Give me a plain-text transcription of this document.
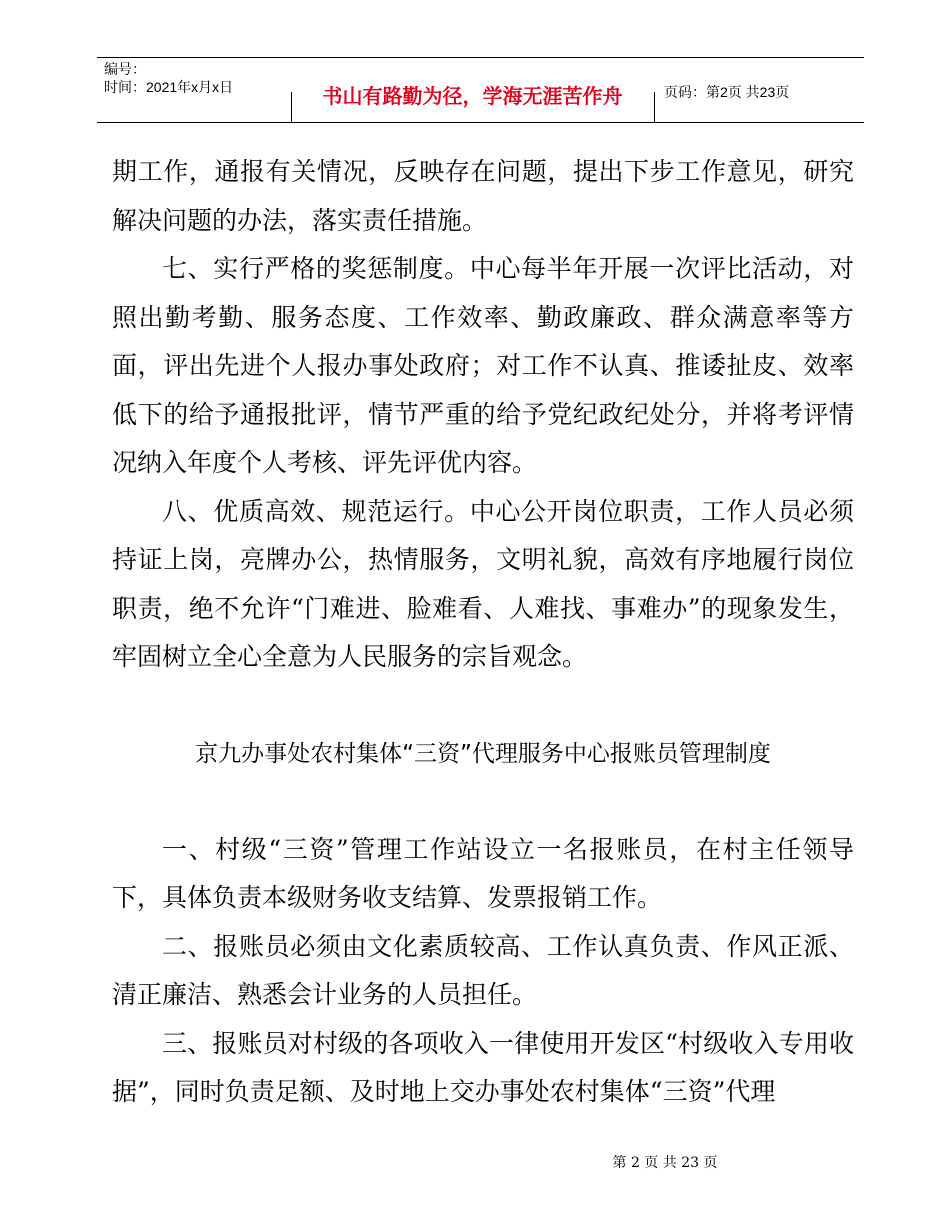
编号：
时间：2021年x月x日	书山有路勤为径，学海无涯苦作舟	页码：第2页 共23页

期工作，通报有关情况，反映存在问题，提出下步工作意见，研究解决问题的办法，落实责任措施。

七、实行严格的奖惩制度。中心每半年开展一次评比活动，对照出勤考勤、服务态度、工作效率、勤政廉政、群众满意率等方面，评出先进个人报办事处政府；对工作不认真、推诿扯皮、效率低下的给予通报批评，情节严重的给予党纪政纪处分，并将考评情况纳入年度个人考核、评先评优内容。

八、优质高效、规范运行。中心公开岗位职责，工作人员必须持证上岗，亮牌办公，热情服务，文明礼貌，高效有序地履行岗位职责，绝不允许“门难进、脸难看、人难找、事难办”的现象发生，牢固树立全心全意为人民服务的宗旨观念。

京九办事处农村集体“三资”代理服务中心报账员管理制度

一、村级“三资”管理工作站设立一名报账员，在村主任领导下，具体负责本级财务收支结算、发票报销工作。

二、报账员必须由文化素质较高、工作认真负责、作风正派、清正廉洁、熟悉会计业务的人员担任。

三、报账员对村级的各项收入一律使用开发区“村级收入专用收据”，同时负责足额、及时地上交办事处农村集体“三资”代理

第 2 页 共 23 页
